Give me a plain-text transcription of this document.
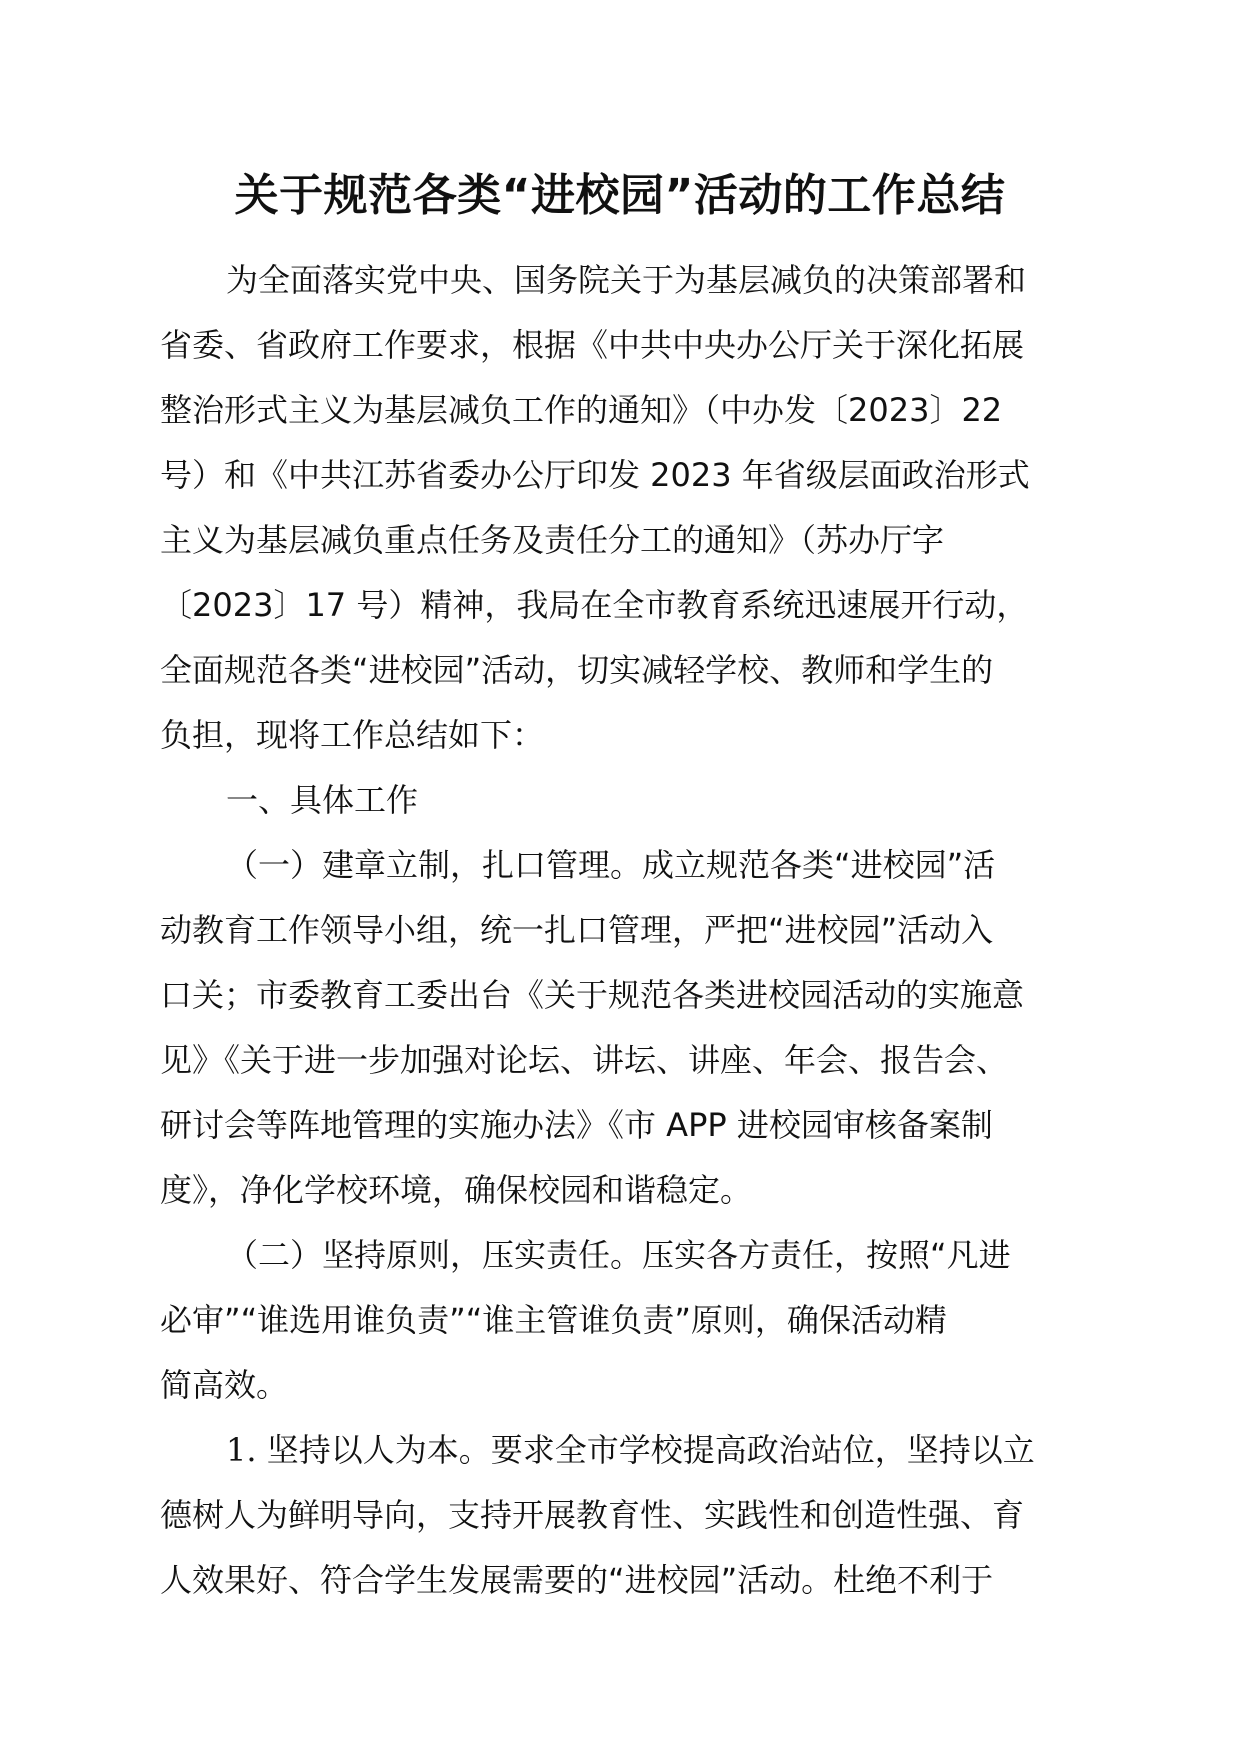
关于规范各类“进校园”活动的工作总结
为全面落实党中央、国务院关于为基层减负的决策部署和
省委、省政府工作要求，根据《中共中央办公厅关于深化拓展
整治形式主义为基层减负工作的通知》（中办发〔2023〕22
号）和《中共江苏省委办公厅印发 2023 年省级层面政治形式
主义为基层减负重点任务及责任分工的通知》（苏办厅字
〔2023〕17 号）精神，我局在全市教育系统迅速展开行动，
全面规范各类“进校园”活动，切实减轻学校、教师和学生的
负担，现将工作总结如下：
一、具体工作
（一）建章立制，扎口管理。成立规范各类“进校园”活
动教育工作领导小组，统一扎口管理，严把“进校园”活动入
口关；市委教育工委出台《关于规范各类进校园活动的实施意
见》《关于进一步加强对论坛、讲坛、讲座、年会、报告会、
研讨会等阵地管理的实施办法》《市 APP 进校园审核备案制
度》，净化学校环境，确保校园和谐稳定。
（二）坚持原则，压实责任。压实各方责任，按照“凡进
必审”“谁选用谁负责”“谁主管谁负责”原则，确保活动精
简高效。
1. 坚持以人为本。要求全市学校提高政治站位，坚持以立
德树人为鲜明导向，支持开展教育性、实践性和创造性强、育
人效果好、符合学生发展需要的“进校园”活动。杜绝不利于
